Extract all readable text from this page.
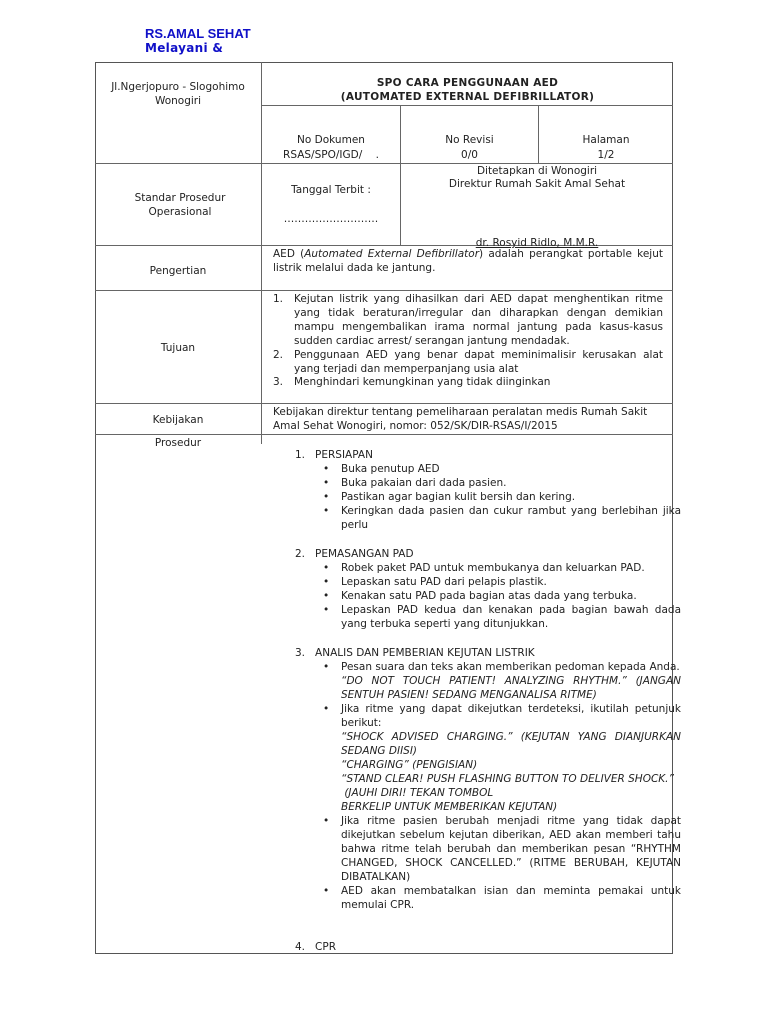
RS.AMAL SEHAT
Melayani &
Jl.Ngerjopuro - Slogohimo Wonogiri
SPO CARA PENGGUNAAN AED
(AUTOMATED EXTERNAL DEFIBRILLATOR)
No Dokumen
RSAS/SPO/IGD/    .
No Revisi
0/0
Halaman
1/2
Standar Prosedur Operasional
Tanggal Terbit :
………………………
Ditetapkan di Wonogiri
Direktur Rumah Sakit Amal Sehat
dr. Rosyid Ridlo, M.M.R.
Pengertian
AED (Automated External Defibrillator) adalah perangkat portable kejut listrik melalui dada ke jantung.
Tujuan
1. Kejutan listrik yang dihasilkan dari AED dapat menghentikan ritme yang tidak beraturan/irregular dan diharapkan dengan demikian mampu mengembalikan irama normal jantung pada kasus-kasus sudden cardiac arrest/ serangan jantung mendadak.
2. Penggunaan AED yang benar dapat meminimalisir kerusakan alat yang terjadi dan memperpanjang usia alat
3. Menghindari kemungkinan yang tidak diinginkan
Kebijakan
Kebijakan direktur tentang pemeliharaan peralatan medis Rumah Sakit Amal Sehat Wonogiri, nomor: 052/SK/DIR-RSAS/I/2015
Prosedur
1.   PERSIAPAN
• Buka penutup AED
• Buka pakaian dari dada pasien.
• Pastikan agar bagian kulit bersih dan kering.
• Keringkan dada pasien dan cukur rambut yang berlebihan jika perlu
2.   PEMASANGAN PAD
• Robek paket PAD untuk membukanya dan keluarkan PAD.
• Lepaskan satu PAD dari pelapis plastik.
• Kenakan satu PAD pada bagian atas dada yang terbuka.
• Lepaskan PAD kedua dan kenakan pada bagian bawah dada yang terbuka seperti yang ditunjukkan.
3.   ANALIS DAN PEMBERIAN KEJUTAN LISTRIK
• Pesan suara dan teks akan memberikan pedoman kepada Anda.
“DO NOT TOUCH PATIENT! ANALYZING RHYTHM.” (JANGAN SENTUH PASIEN! SEDANG MENGANALISA RITME)
• Jika ritme yang dapat dikejutkan terdeteksi, ikutilah petunjuk berikut:
“SHOCK ADVISED CHARGING.” (KEJUTAN YANG DIANJURKAN SEDANG DIISI)
“CHARGING” (PENGISIAN)
“STAND CLEAR! PUSH FLASHING BUTTON TO DELIVER SHOCK.”
(JAUHI DIRI! TEKAN TOMBOL
BERKELIP UNTUK MEMBERIKAN KEJUTAN)
• Jika ritme pasien berubah menjadi ritme yang tidak dapat dikejutkan sebelum kejutan diberikan, AED akan memberi tahu bahwa ritme telah berubah dan memberikan pesan “RHYTHM CHANGED, SHOCK CANCELLED.” (RITME BERUBAH, KEJUTAN DIBATALKAN)
• AED akan membatalkan isian dan meminta pemakai untuk memulai CPR.
4.   CPR
